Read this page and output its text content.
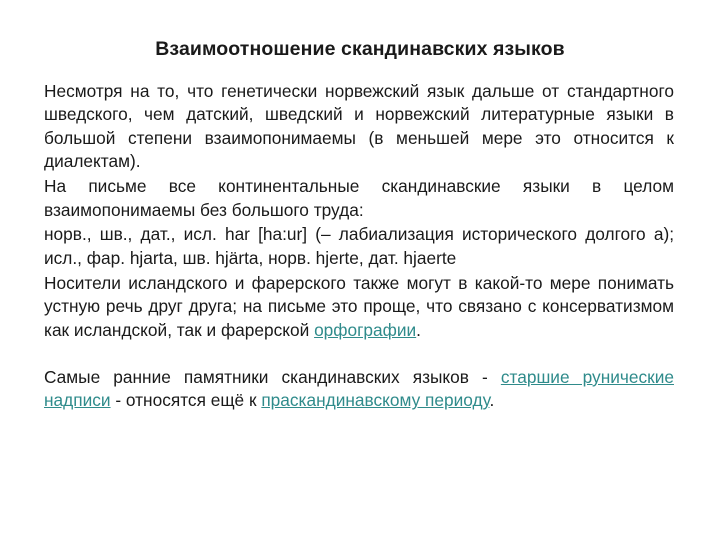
Взаимоотношение скандинавских языков

Несмотря на то, что генетически норвежский язык дальше от стандартного шведского, чем датский, шведский и норвежский литературные языки в большой степени взаимопонимаемы (в меньшей мере это относится к диалектам).

На письме все континентальные скандинавские языки в целом взаимопонимаемы без большого труда:

норв., шв., дат., исл. har [ha:ur] (– лабиализация исторического долгого a); исл., фар. hjarta, шв. hjärta, норв. hjerte, дат. hjaerte

Носители исландского и фарерского также могут в какой-то мере понимать устную речь друг друга; на письме это проще, что связано с консерватизмом как исландской, так и фарерской орфографии.

Самые ранние памятники скандинавских языков - старшие рунические надписи - относятся ещё к праскандинавскому периоду.
